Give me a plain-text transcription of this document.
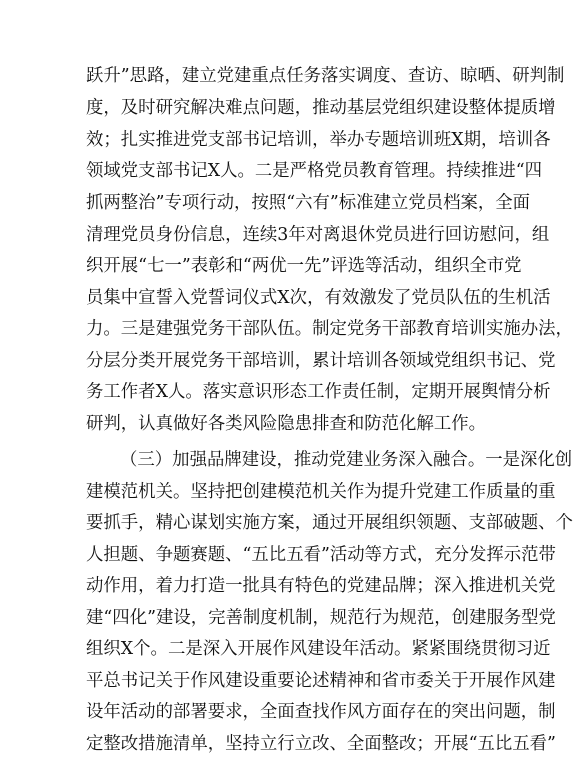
跃升”思路，建立党建重点任务落实调度、查访、晾晒、研判制
度，及时研究解决难点问题，推动基层党组织建设整体提质增
效；扎实推进党支部书记培训，举办专题培训班X期，培训各
领域党支部书记X人。二是严格党员教育管理。持续推进“四
抓两整治”专项行动，按照“六有”标准建立党员档案，全面
清理党员身份信息，连续3年对离退休党员进行回访慰问，组
织开展“七一”表彰和“两优一先”评选等活动，组织全市党
员集中宣誓入党誓词仪式X次，有效激发了党员队伍的生机活
力。三是建强党务干部队伍。制定党务干部教育培训实施办法，
分层分类开展党务干部培训，累计培训各领域党组织书记、党
务工作者X人。落实意识形态工作责任制，定期开展舆情分析
研判，认真做好各类风险隐患排查和防范化解工作。
（三）加强品牌建设，推动党建业务深入融合。一是深化创
建模范机关。坚持把创建模范机关作为提升党建工作质量的重
要抓手，精心谋划实施方案，通过开展组织领题、支部破题、个
人担题、争题赛题、“五比五看”活动等方式，充分发挥示范带
动作用，着力打造一批具有特色的党建品牌；深入推进机关党
建“四化”建设，完善制度机制，规范行为规范，创建服务型党
组织X个。二是深入开展作风建设年活动。紧紧围绕贯彻习近
平总书记关于作风建设重要论述精神和省市委关于开展作风建
设年活动的部署要求，全面查找作风方面存在的突出问题，制
定整改措施清单，坚持立行立改、全面整改；开展“五比五看”
